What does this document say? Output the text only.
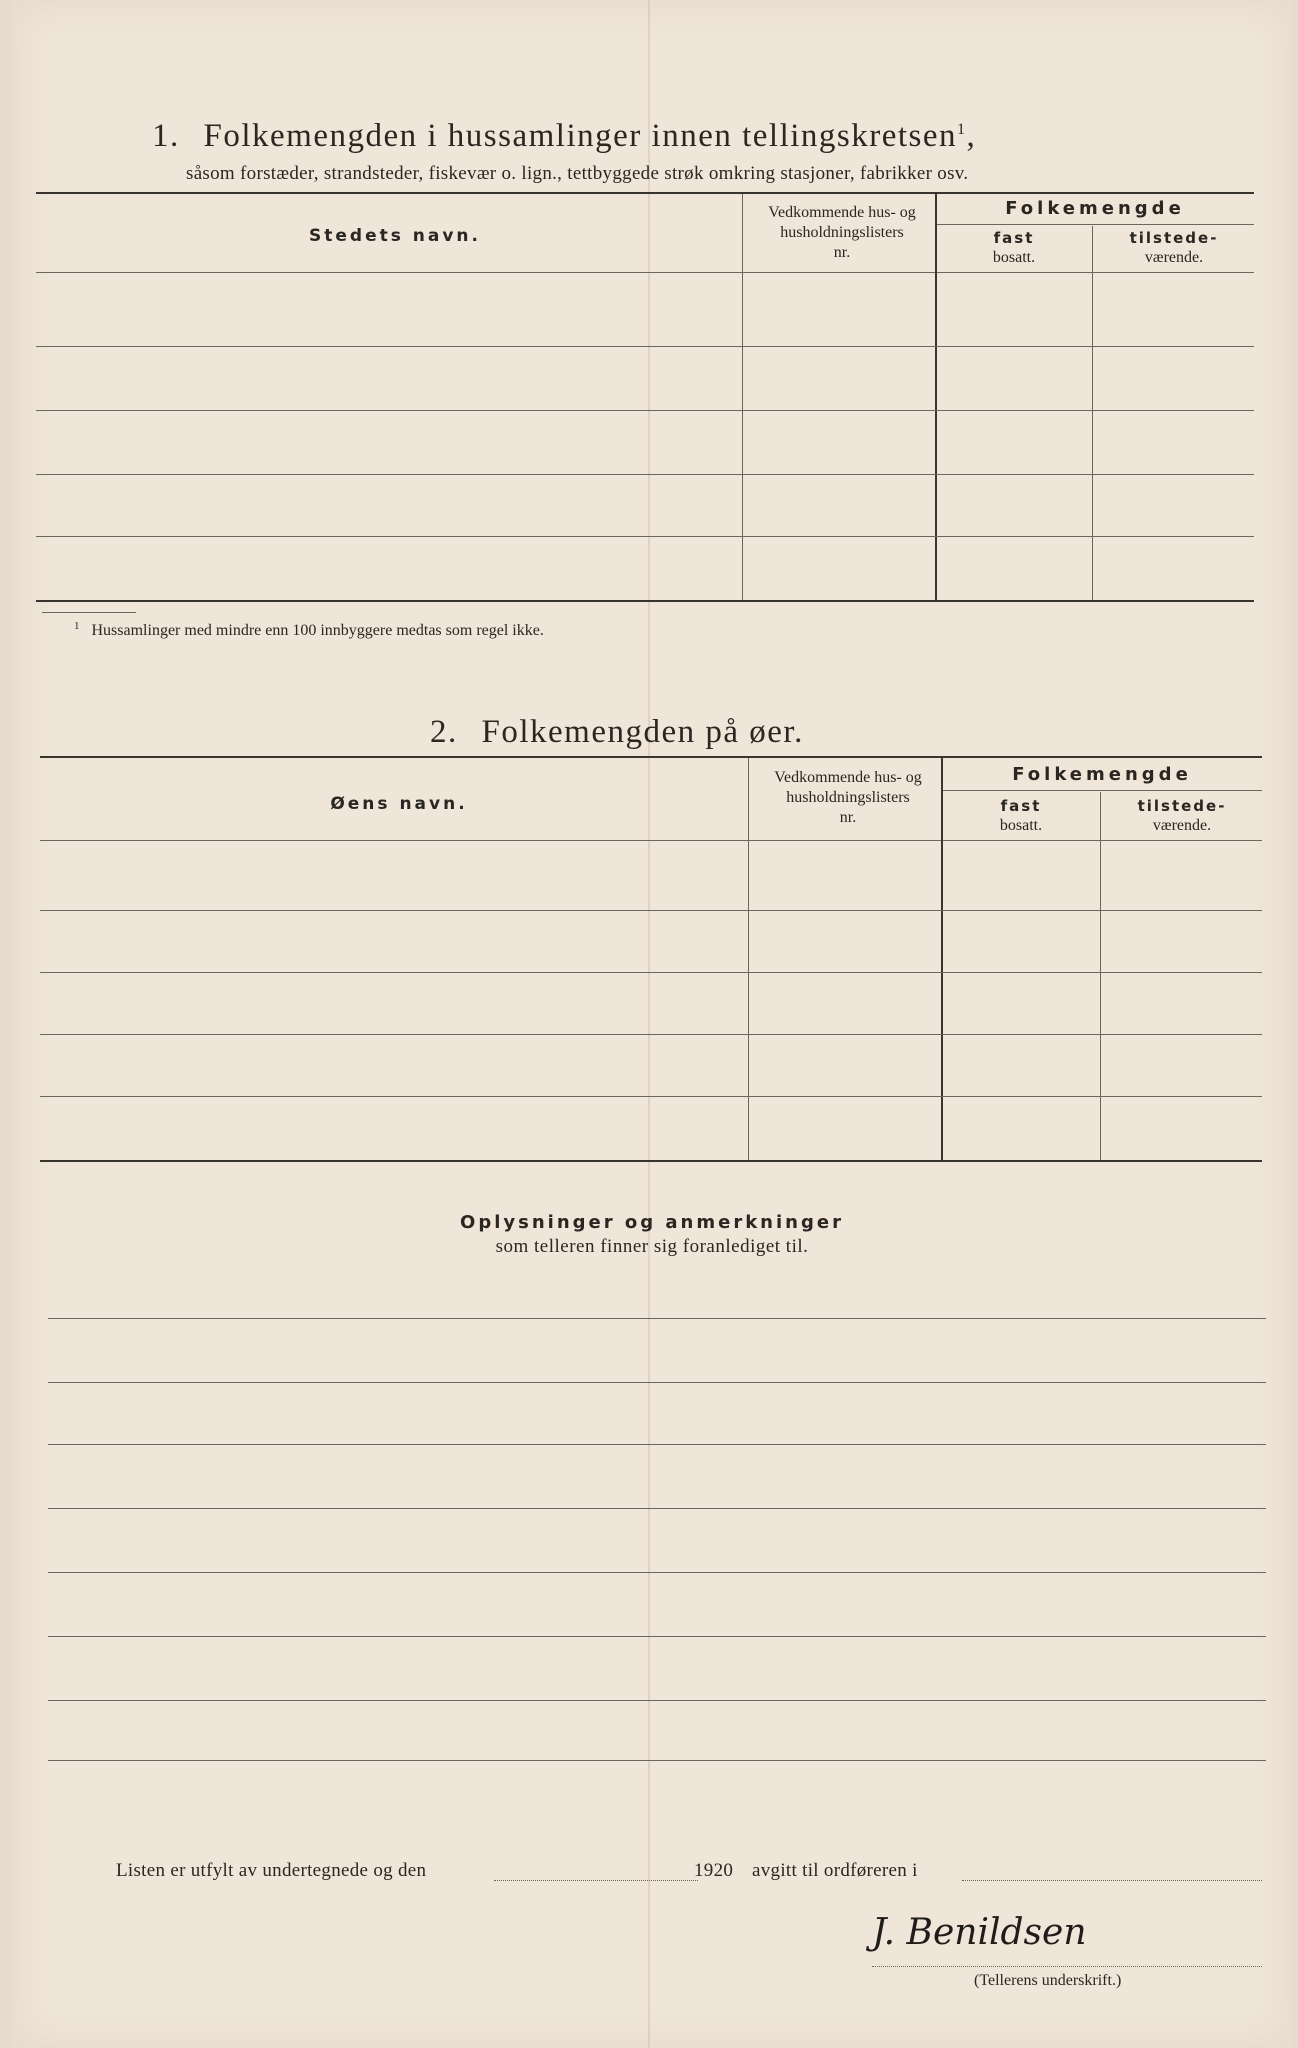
1. Folkemengden i hussamlinger innen tellingskretsen$^1$,
såsom forstæder, strandsteder, fiskevær o. lign., tettbyggede strøk omkring stasjoner, fabrikker osv.
Stedets navn.
Vedkommende hus- og
husholdningslisters
nr.
Folkemengde
fast
bosatt.
tilstede-
værende.
$^1$ Hussamlinger med mindre enn 100 innbyggere medtas som regel ikke.
2. Folkemengden på øer.
Øens navn.
Vedkommende hus- og
husholdningslisters
nr.
Folkemengde
fast
bosatt.
tilstede-
værende.
Oplysninger og anmerkninger
som telleren finner sig foranlediget til.
Listen er utfylt av undertegnede og den	1920 avgitt til ordføreren i
J. Benildsen
(Tellerens underskrift.)
